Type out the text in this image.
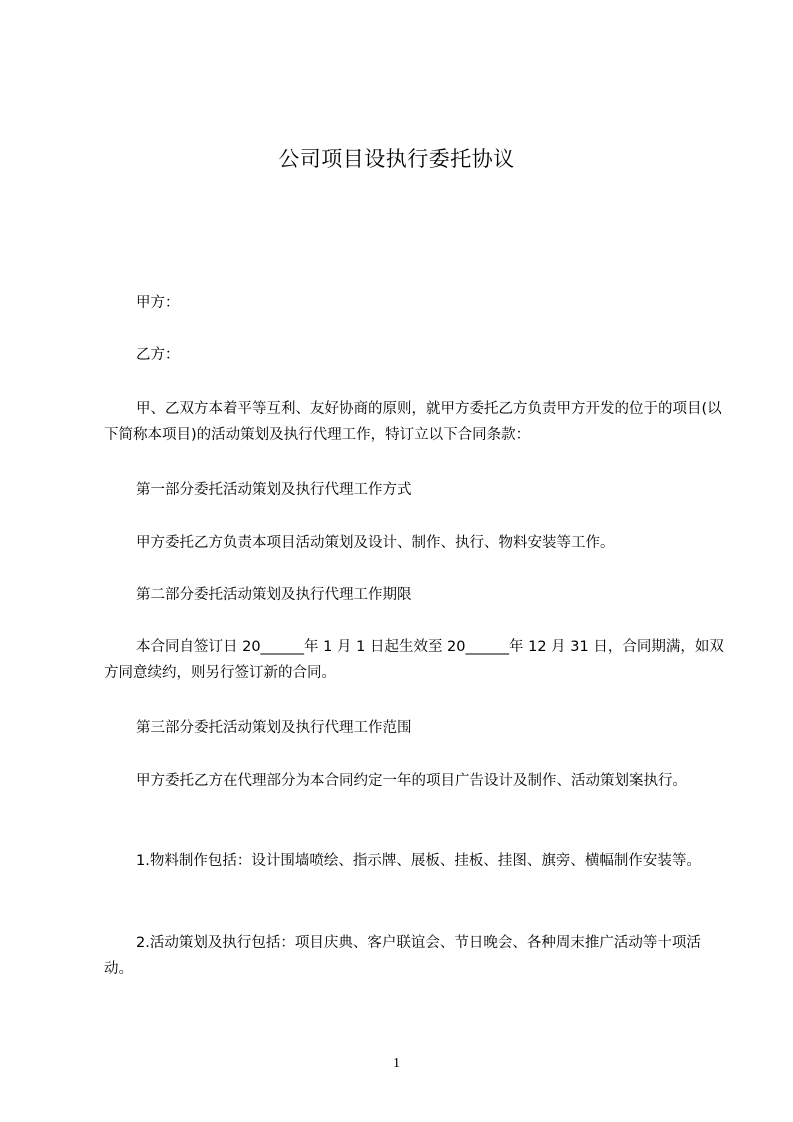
公司项目设执行委托协议
甲方：
乙方：
甲、乙双方本着平等互利、友好协商的原则，就甲方委托乙方负责甲方开发的位于的项目(以下简称本项目)的活动策划及执行代理工作，特订立以下合同条款：
第一部分委托活动策划及执行代理工作方式
甲方委托乙方负责本项目活动策划及设计、制作、执行、物料安装等工作。
第二部分委托活动策划及执行代理工作期限
本合同自签订日 20______年 1 月 1 日起生效至 20______年 12 月 31 日，合同期满，如双方同意续约，则另行签订新的合同。
第三部分委托活动策划及执行代理工作范围
甲方委托乙方在代理部分为本合同约定一年的项目广告设计及制作、活动策划案执行。
1.物料制作包括：设计围墙喷绘、指示牌、展板、挂板、挂图、旗旁、横幅制作安装等。
2.活动策划及执行包括：项目庆典、客户联谊会、节日晚会、各种周末推广活动等十项活动。
1
